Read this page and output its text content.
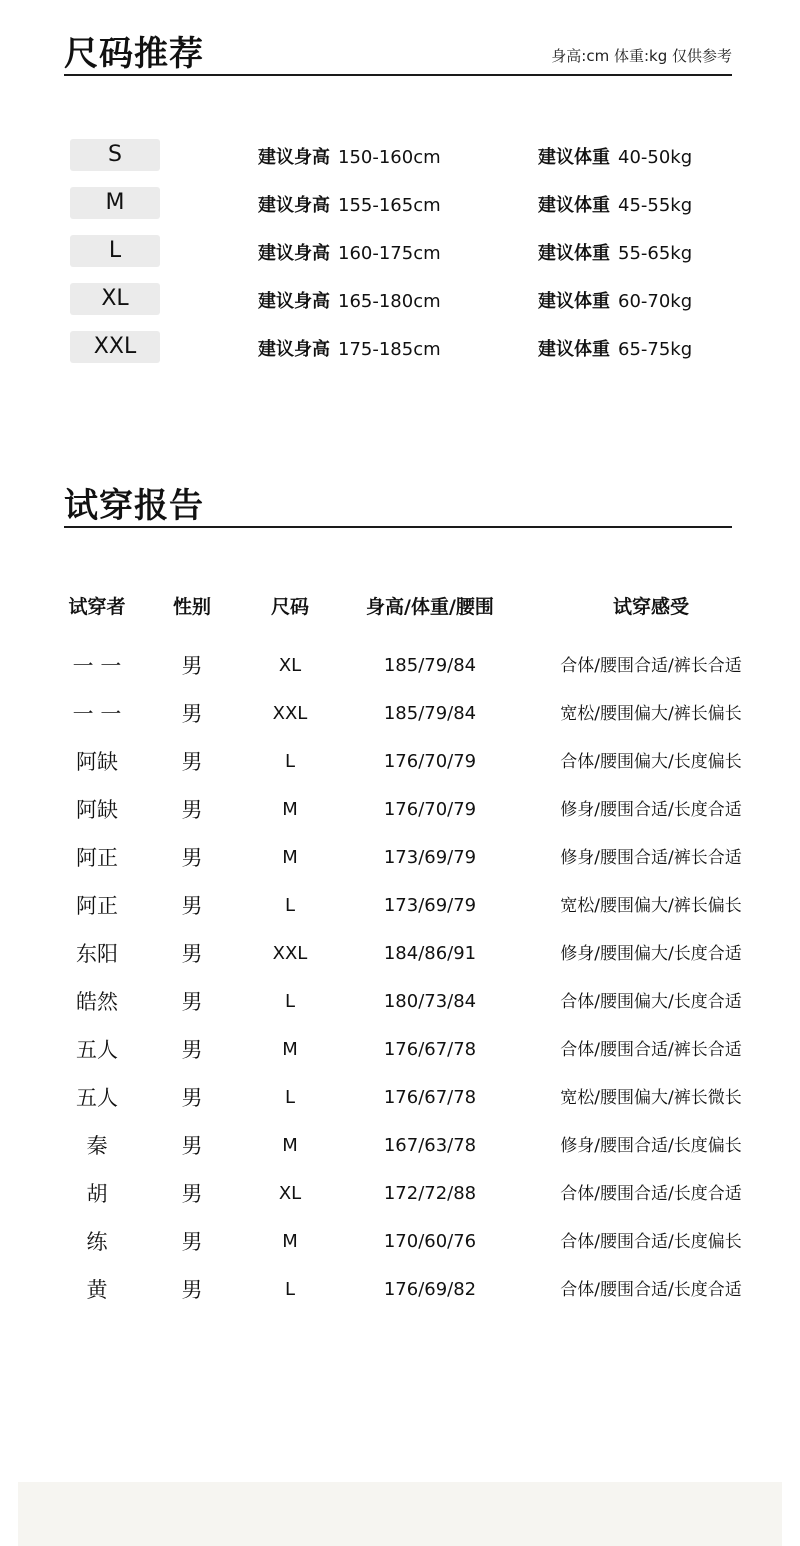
尺码推荐	身高:cm 体重:kg 仅供参考
S	建议身高 150-160cm	建议体重 40-50kg
M	建议身高 155-165cm	建议体重 45-55kg
L	建议身高 160-175cm	建议体重 55-65kg
XL	建议身高 165-180cm	建议体重 60-70kg
XXL	建议身高 175-185cm	建议体重 65-75kg
试穿报告
试穿者	性别	尺码	身高/体重/腰围	试穿感受
一 一	男	XL	185/79/84	合体/腰围合适/裤长合适
一 一	男	XXL	185/79/84	宽松/腰围偏大/裤长偏长
阿缺	男	L	176/70/79	合体/腰围偏大/长度偏长
阿缺	男	M	176/70/79	修身/腰围合适/长度合适
阿正	男	M	173/69/79	修身/腰围合适/裤长合适
阿正	男	L	173/69/79	宽松/腰围偏大/裤长偏长
东阳	男	XXL	184/86/91	修身/腰围偏大/长度合适
皓然	男	L	180/73/84	合体/腰围偏大/长度合适
五人	男	M	176/67/78	合体/腰围合适/裤长合适
五人	男	L	176/67/78	宽松/腰围偏大/裤长微长
秦	男	M	167/63/78	修身/腰围合适/长度偏长
胡	男	XL	172/72/88	合体/腰围合适/长度合适
练	男	M	170/60/76	合体/腰围合适/长度偏长
黄	男	L	176/69/82	合体/腰围合适/长度合适
